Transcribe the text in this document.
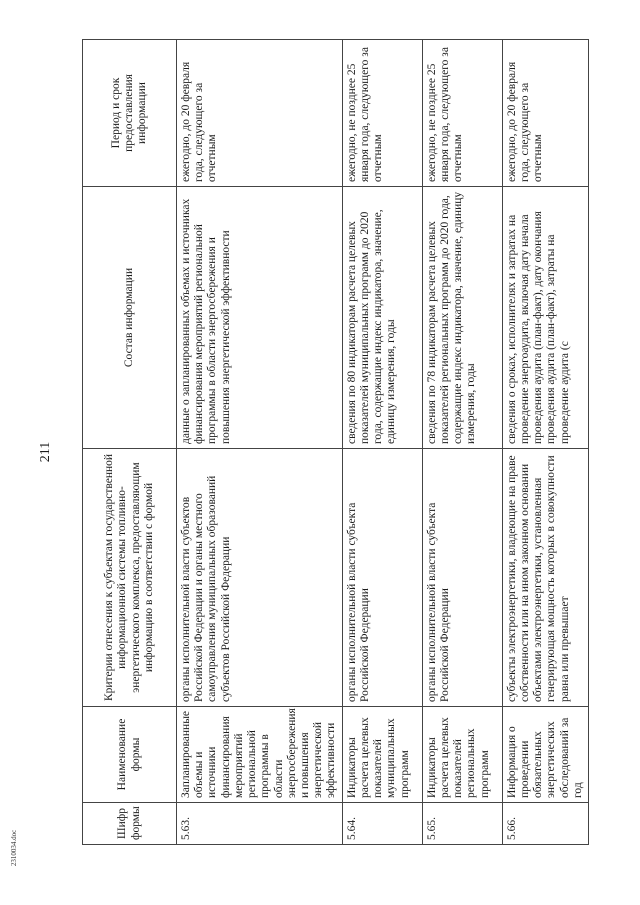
211
2310034.doc
Шифр формы	Наименование формы	Критерии отнесения к субъектам государственной информационной системы топливно-энергетического комплекса, предоставляющим информацию в соответствии с формой	Состав информации	Период и срок предоставления информации
5.63.	Запланированные объемы и источники финансирования мероприятий региональной программы в области энергосбережения и повышения энергетической эффективности	органы исполнительной власти субъектов Российской Федерации и органы местного самоуправления муниципальных образований субъектов Российской Федерации	данные о запланированных объемах и источниках финансирования мероприятий региональной программы в области энергосбережения и повышения энергетической эффективности	ежегодно, до 20 февраля года, следующего за отчетным
5.64.	Индикаторы расчета целевых показателей муниципальных программ	органы исполнительной власти субъекта Российской Федерации	сведения по 80 индикаторам расчета целевых показателей муниципальных программ до 2020 года, содержащие индекс индикатора, значение, единицу измерения, годы	ежегодно, не позднее 25 января года, следующего за отчетным
5.65.	Индикаторы расчета целевых показателей региональных программ	органы исполнительной власти субъекта Российской Федерации	сведения по 78 индикаторам расчета целевых показателей региональных программ до 2020 года, содержащие индекс индикатора, значение, единицу измерения, годы	ежегодно, не позднее 25 января года, следующего за отчетным
5.66.	Информация о проведении обязательных энергетических обследований за год	субъекты электроэнергетики, владеющие на праве собственности или на ином законном основании объектами электроэнергетики, установленная генерирующая мощность которых в совокупности равна или превышает	сведения о сроках, исполнителях и затратах на проведение энергоаудита, включая дату начала проведения аудита (план-факт), дату окончания проведения аудита (план-факт), затраты на проведение аудита (с	ежегодно, до 20 февраля года, следующего за отчетным
